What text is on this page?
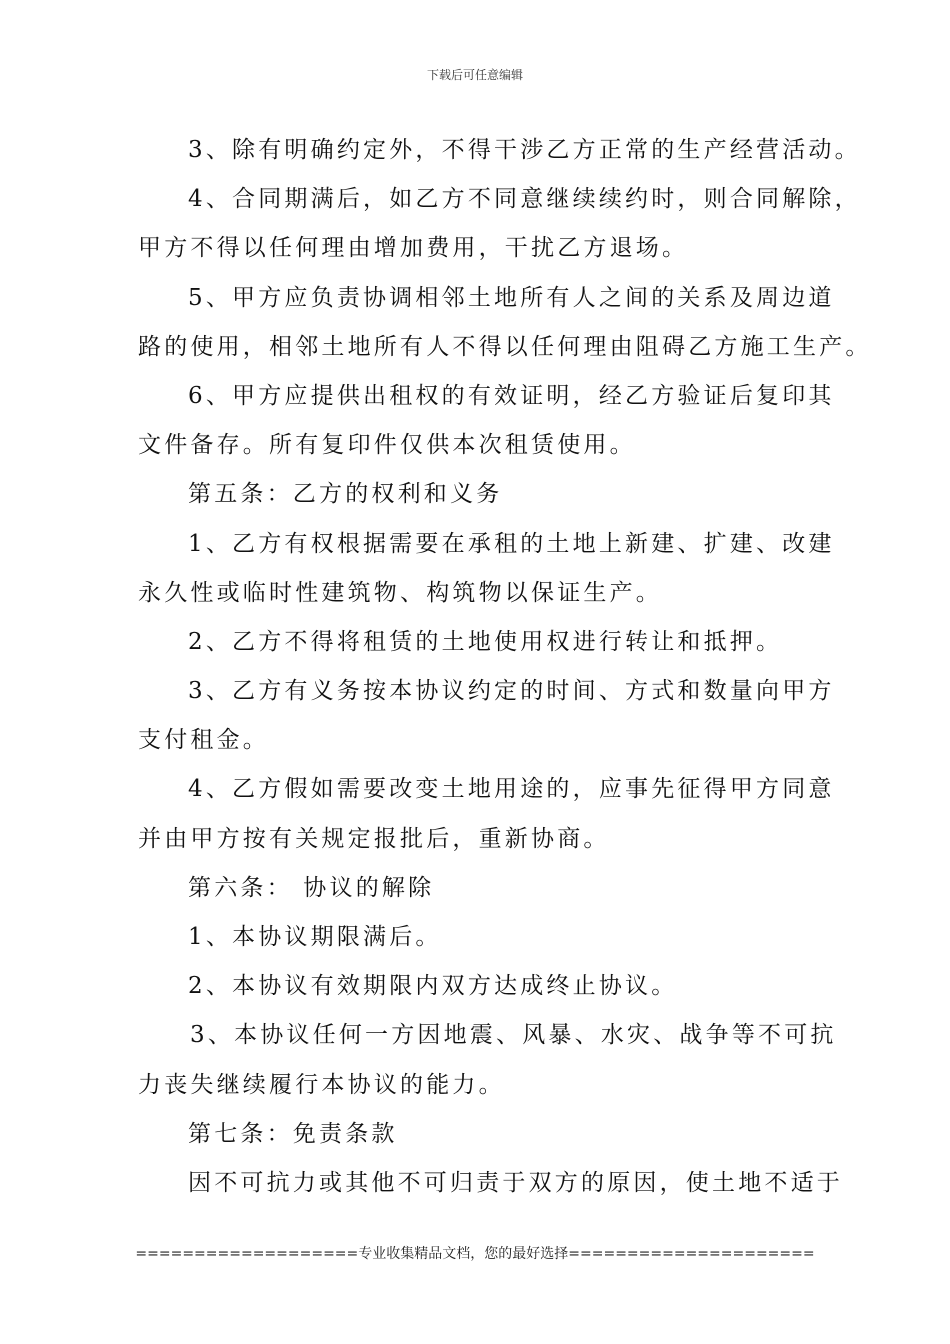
下载后可任意编辑
3、除有明确约定外，不得干涉乙方正常的生产经营活动。
4、合同期满后，如乙方不同意继续续约时，则合同解除，
甲方不得以任何理由增加费用，干扰乙方退场。
5、甲方应负责协调相邻土地所有人之间的关系及周边道
路的使用，相邻土地所有人不得以任何理由阻碍乙方施工生产。
6、甲方应提供出租权的有效证明，经乙方验证后复印其
文件备存。所有复印件仅供本次租赁使用。
第五条：乙方的权利和义务
1、乙方有权根据需要在承租的土地上新建、扩建、改建
永久性或临时性建筑物、构筑物以保证生产。
2、乙方不得将租赁的土地使用权进行转让和抵押。
3、乙方有义务按本协议约定的时间、方式和数量向甲方
支付租金。
4、乙方假如需要改变土地用途的，应事先征得甲方同意
并由甲方按有关规定报批后，重新协商。
第六条： 协议的解除
1、本协议期限满后。
2、本协议有效期限内双方达成终止协议。
3、本协议任何一方因地震、风暴、水灾、战争等不可抗
力丧失继续履行本协议的能力。
第七条：免责条款
因不可抗力或其他不可归责于双方的原因，使土地不适于
===================专业收集精品文档，您的最好选择=====================
